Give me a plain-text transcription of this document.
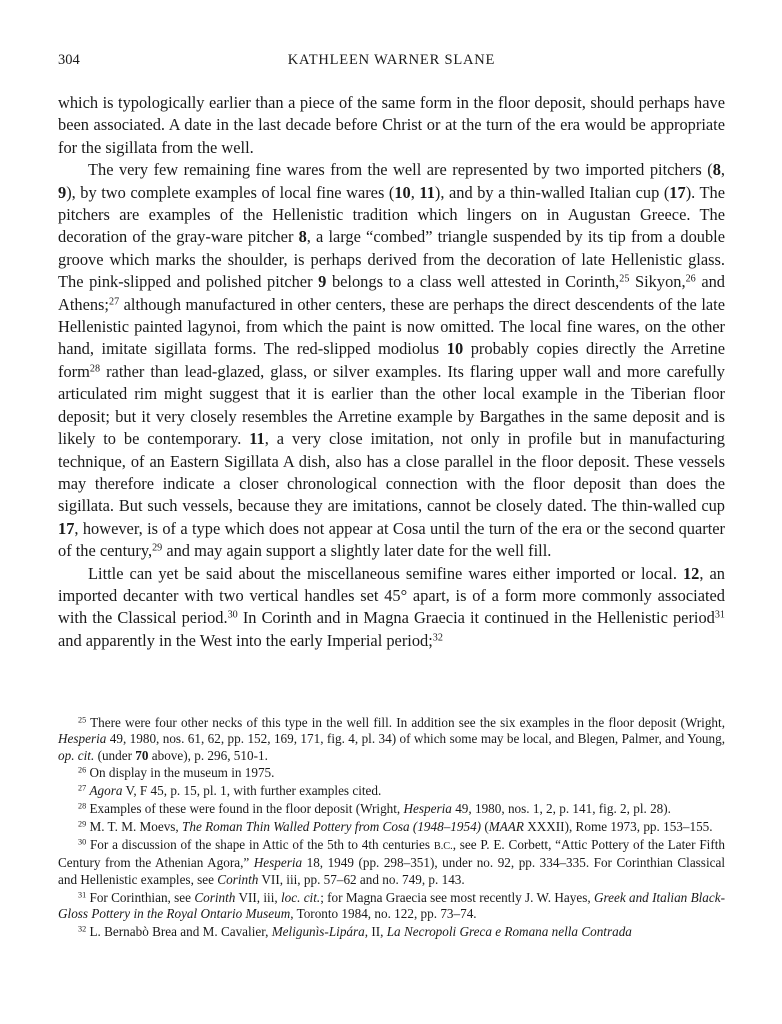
304	KATHLEEN WARNER SLANE

which is typologically earlier than a piece of the same form in the floor deposit, should perhaps have been associated. A date in the last decade before Christ or at the turn of the era would be appropriate for the sigillata from the well.

The very few remaining fine wares from the well are represented by two imported pitchers (8, 9), by two complete examples of local fine wares (10, 11), and by a thin-walled Italian cup (17). The pitchers are examples of the Hellenistic tradition which lingers on in Augustan Greece. The decoration of the gray-ware pitcher 8, a large “combed” triangle suspended by its tip from a double groove which marks the shoulder, is perhaps derived from the decoration of late Hellenistic glass. The pink-slipped and polished pitcher 9 belongs to a class well attested in Corinth,$^{25}$ Sikyon,$^{26}$ and Athens;$^{27}$ although manufactured in other centers, these are perhaps the direct descendents of the late Hellenistic painted lagynoi, from which the paint is now omitted. The local fine wares, on the other hand, imitate sigillata forms. The red-slipped modiolus 10 probably copies directly the Arretine form$^{28}$ rather than lead-glazed, glass, or silver examples. Its flaring upper wall and more carefully articulated rim might suggest that it is earlier than the other local example in the Tiberian floor deposit; but it very closely resembles the Arretine example by Bargathes in the same deposit and is likely to be contemporary. 11, a very close imitation, not only in profile but in manufacturing technique, of an Eastern Sigillata A dish, also has a close parallel in the floor deposit. These vessels may therefore indicate a closer chronological connection with the floor deposit than does the sigillata. But such vessels, because they are imitations, cannot be closely dated. The thin-walled cup 17, however, is of a type which does not appear at Cosa until the turn of the era or the second quarter of the century,$^{29}$ and may again support a slightly later date for the well fill.

Little can yet be said about the miscellaneous semifine wares either imported or local. 12, an imported decanter with two vertical handles set 45° apart, is of a form more commonly associated with the Classical period.$^{30}$ In Corinth and in Magna Graecia it continued in the Hellenistic period$^{31}$ and apparently in the West into the early Imperial period;$^{32}$

$^{25}$ There were four other necks of this type in the well fill. In addition see the six examples in the floor deposit (Wright, Hesperia 49, 1980, nos. 61, 62, pp. 152, 169, 171, fig. 4, pl. 34) of which some may be local, and Blegen, Palmer, and Young, op. cit. (under 70 above), p. 296, 510-1.

$^{26}$ On display in the museum in 1975.

$^{27}$ Agora V, F 45, p. 15, pl. 1, with further examples cited.

$^{28}$ Examples of these were found in the floor deposit (Wright, Hesperia 49, 1980, nos. 1, 2, p. 141, fig. 2, pl. 28).

$^{29}$ M. T. M. Moevs, The Roman Thin Walled Pottery from Cosa (1948–1954) (MAAR XXXII), Rome 1973, pp. 153–155.

$^{30}$ For a discussion of the shape in Attic of the 5th to 4th centuries B.C., see P. E. Corbett, “Attic Pottery of the Later Fifth Century from the Athenian Agora,” Hesperia 18, 1949 (pp. 298–351), under no. 92, pp. 334–335. For Corinthian Classical and Hellenistic examples, see Corinth VII, iii, pp. 57–62 and no. 749, p. 143.

$^{31}$ For Corinthian, see Corinth VII, iii, loc. cit.; for Magna Graecia see most recently J. W. Hayes, Greek and Italian Black-Gloss Pottery in the Royal Ontario Museum, Toronto 1984, no. 122, pp. 73–74.

$^{32}$ L. Bernabò Brea and M. Cavalier, Meligunìs-Lipára, II, La Necropoli Greca e Romana nella Contrada
